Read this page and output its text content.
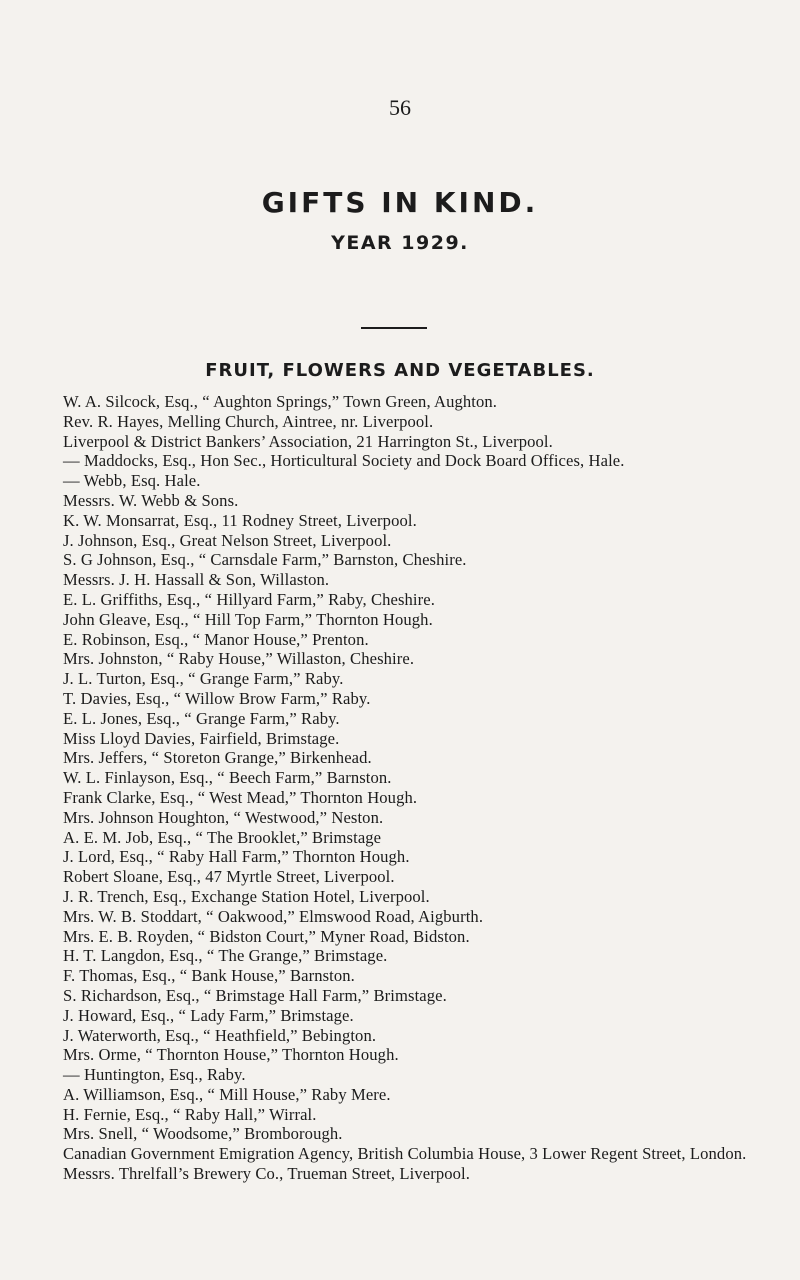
56
GIFTS IN KIND.
YEAR 1929.
FRUIT, FLOWERS AND VEGETABLES.
W. A. Silcock, Esq., “ Aughton Springs,” Town Green, Aughton.
Rev. R. Hayes, Melling Church, Aintree, nr. Liverpool.
Liverpool & District Bankers’ Association, 21 Harrington St., Liverpool.
— Maddocks, Esq., Hon Sec., Horticultural Society and Dock Board Offices, Hale.
— Webb, Esq. Hale.
Messrs. W. Webb & Sons.
K. W. Monsarrat, Esq., 11 Rodney Street, Liverpool.
J. Johnson, Esq., Great Nelson Street, Liverpool.
S. G Johnson, Esq., “ Carnsdale Farm,” Barnston, Cheshire.
Messrs. J. H. Hassall & Son, Willaston.
E. L. Griffiths, Esq., “ Hillyard Farm,” Raby, Cheshire.
John Gleave, Esq., “ Hill Top Farm,” Thornton Hough.
E. Robinson, Esq., “ Manor House,” Prenton.
Mrs. Johnston, “ Raby House,” Willaston, Cheshire.
J. L. Turton, Esq., “ Grange Farm,” Raby.
T. Davies, Esq., “ Willow Brow Farm,” Raby.
E. L. Jones, Esq., “ Grange Farm,” Raby.
Miss Lloyd Davies, Fairfield, Brimstage.
Mrs. Jeffers, “ Storeton Grange,” Birkenhead.
W. L. Finlayson, Esq., “ Beech Farm,” Barnston.
Frank Clarke, Esq., “ West Mead,” Thornton Hough.
Mrs. Johnson Houghton, “ Westwood,” Neston.
A. E. M. Job, Esq., “ The Brooklet,” Brimstage
J. Lord, Esq., “ Raby Hall Farm,” Thornton Hough.
Robert Sloane, Esq., 47 Myrtle Street, Liverpool.
J. R. Trench, Esq., Exchange Station Hotel, Liverpool.
Mrs. W. B. Stoddart, “ Oakwood,” Elmswood Road, Aigburth.
Mrs. E. B. Royden, “ Bidston Court,” Myner Road, Bidston.
H. T. Langdon, Esq., “ The Grange,” Brimstage.
F. Thomas, Esq., “ Bank House,” Barnston.
S. Richardson, Esq., “ Brimstage Hall Farm,” Brimstage.
J. Howard, Esq., “ Lady Farm,” Brimstage.
J. Waterworth, Esq., “ Heathfield,” Bebington.
Mrs. Orme, “ Thornton House,” Thornton Hough.
— Huntington, Esq., Raby.
A. Williamson, Esq., “ Mill House,” Raby Mere.
H. Fernie, Esq., “ Raby Hall,” Wirral.
Mrs. Snell, “ Woodsome,” Bromborough.
Canadian Government Emigration Agency, British Columbia House, 3 Lower Regent Street, London.
Messrs. Threlfall’s Brewery Co., Trueman Street, Liverpool.
